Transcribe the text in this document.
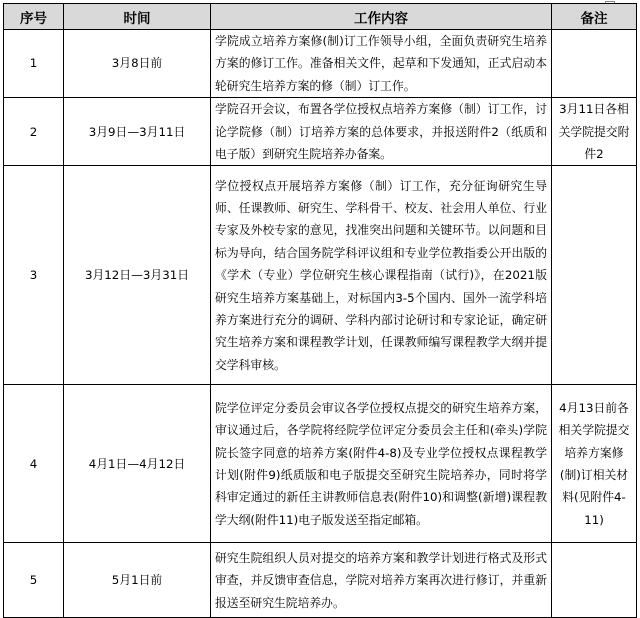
序号	时间	工作内容	备注
1	3月8日前	学院成立培养方案修(制)订工作领导小组，全面负责研究生培养方案的修订工作。准备相关文件，起草和下发通知，正式启动本轮研究生培养方案的修（制）订工作。	
2	3月9日—3月11日	学院召开会议，布置各学位授权点培养方案修（制）订工作，讨论学院修（制）订培养方案的总体要求，并报送附件2（纸质和电子版）到研究生院培养办备案。	3月11日各相关学院提交附件2
3	3月12日—3月31日	学位授权点开展培养方案修（制）订工作，充分征询研究生导师、任课教师、研究生、学科骨干、校友、社会用人单位、行业专家及外校专家的意见，找准突出问题和关键环节。以问题和目标为导向，结合国务院学科评议组和专业学位教指委公开出版的《学术（专业）学位研究生核心课程指南（试行)》，在2021版研究生培养方案基础上，对标国内3-5个国内、国外一流学科培养方案进行充分的调研、学科内部讨论研讨和专家论证，确定研究生培养方案和课程教学计划，任课教师编写课程教学大纲并提交学科审核。	
4	4月1日—4月12日	院学位评定分委员会审议各学位授权点提交的研究生培养方案，审议通过后，各学院将经院学位评定分委员会主任和(牵头)学院院长签字同意的培养方案(附件4-8)及专业学位授权点课程教学计划(附件9)纸质版和电子版提交至研究生院培养办，同时将学科审定通过的新任主讲教师信息表(附件10)和调整(新增)课程教学大纲(附件11)电子版发送至指定邮箱。	4月13日前各相关学院提交培养方案修(制)订相关材料(见附件4-11)
5	5月1日前	研究生院组织人员对提交的培养方案和教学计划进行格式及形式审查，并反馈审查信息，学院对培养方案再次进行修订，并重新报送至研究生院培养办。	
